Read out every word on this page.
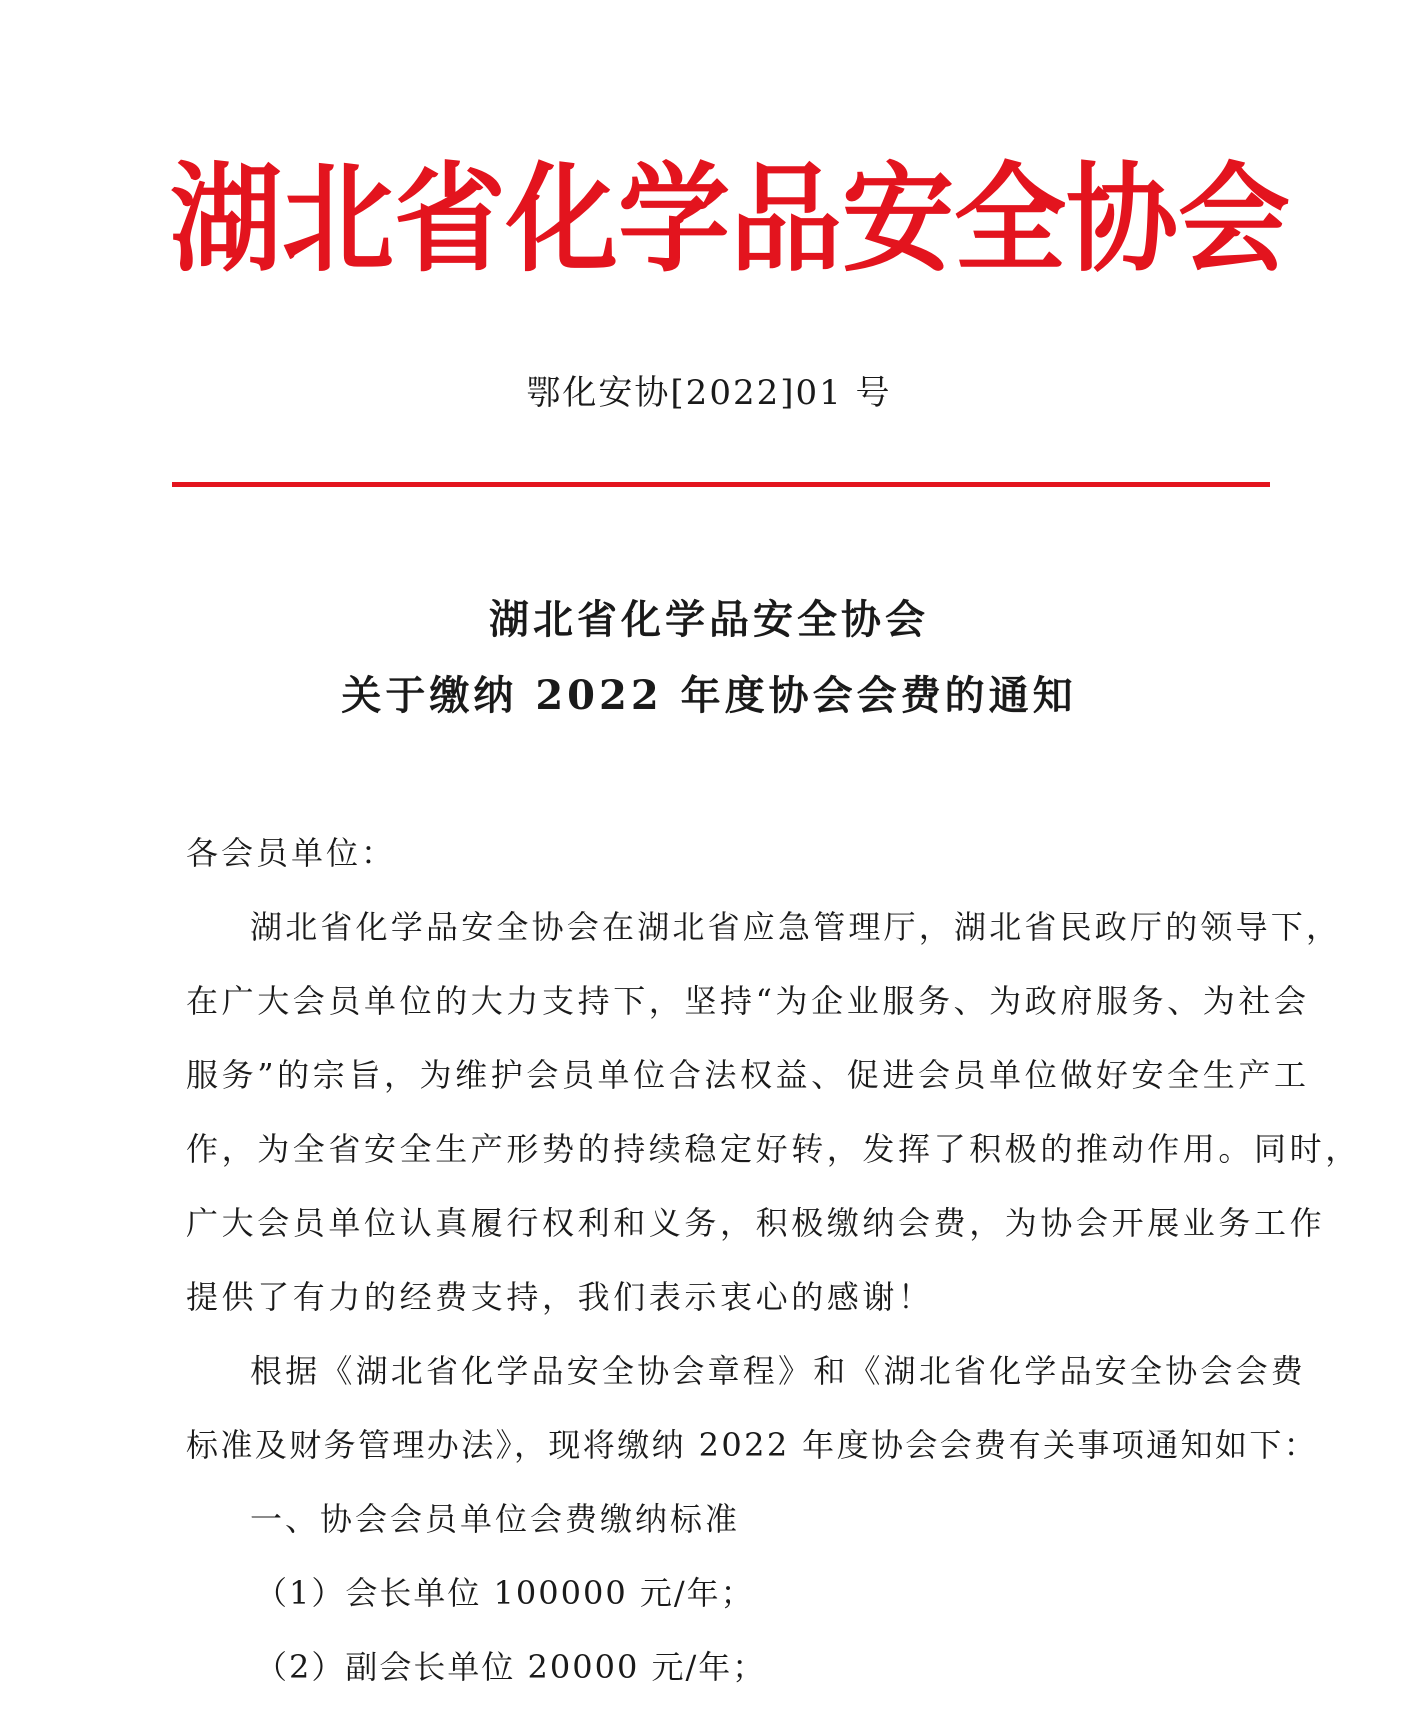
湖 北 省 化 学 品 安 全 协 会
鄂化安协[2022]01 号
湖北省化学品安全协会
关于缴纳 2022 年度协会会费的通知
各会员单位：
湖北省化学品安全协会在湖北省应急管理厅，湖北省民政厅的领导下，
在广大会员单位的大力支持下，坚持“为企业服务、为政府服务、为社会
服务”的宗旨，为维护会员单位合法权益、促进会员单位做好安全生产工
作，为全省安全生产形势的持续稳定好转，发挥了积极的推动作用。同时，
广大会员单位认真履行权利和义务，积极缴纳会费，为协会开展业务工作
提供了有力的经费支持，我们表示衷心的感谢！
根据《湖北省化学品安全协会章程》和《湖北省化学品安全协会会费
标准及财务管理办法》，现将缴纳 2022 年度协会会费有关事项通知如下：
一、协会会员单位会费缴纳标准
（1）会长单位 100000 元/年；
（2）副会长单位 20000 元/年；
